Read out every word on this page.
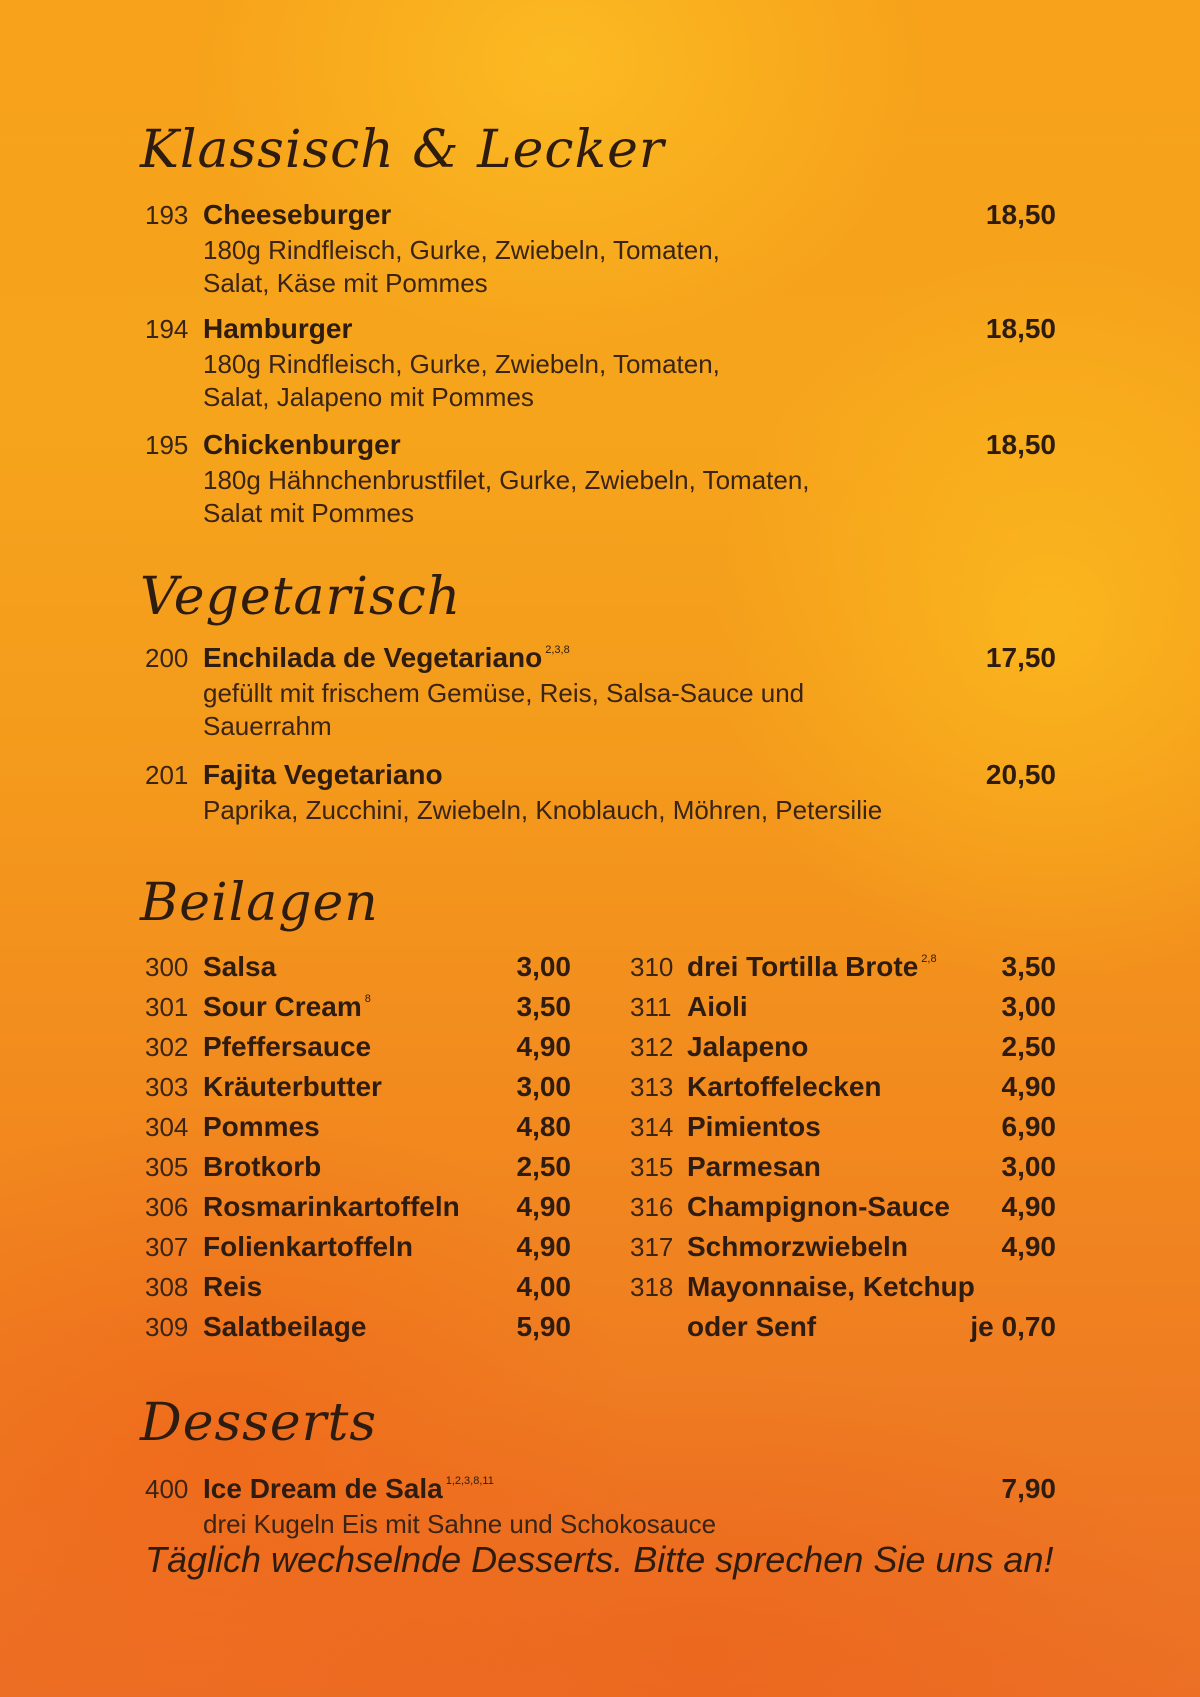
Klassisch & Lecker
193 Cheeseburger	18,50
180g Rindfleisch, Gurke, Zwiebeln, Tomaten,
Salat, Käse mit Pommes
194 Hamburger	18,50
180g Rindfleisch, Gurke, Zwiebeln, Tomaten,
Salat, Jalapeno mit Pommes
195 Chickenburger	18,50
180g Hähnchenbrustfilet, Gurke, Zwiebeln, Tomaten,
Salat mit Pommes
Vegetarisch
200 Enchilada de Vegetariano $^{2,3,8}$	17,50
gefüllt mit frischem Gemüse, Reis, Salsa-Sauce und
Sauerrahm
201 Fajita Vegetariano	20,50
Paprika, Zucchini, Zwiebeln, Knoblauch, Möhren, Petersilie
Beilagen
300 Salsa	3,00
301 Sour Cream $^8$	3,50
302 Pfeffersauce	4,90
303 Kräuterbutter	3,00
304 Pommes	4,80
305 Brotkorb	2,50
306 Rosmarinkartoffeln 4,90
307 Folienkartoffeln	4,90
308 Reis	4,00
309 Salatbeilage	5,90
310 drei Tortilla Brote $^{2,8}$ 3,50
311 Aioli	3,00
312 Jalapeno	2,50
313 Kartoffelecken	4,90
314 Pimientos	6,90
315 Parmesan	3,00
316 Champignon-Sauce 4,90
317 Schmorzwiebeln	4,90
318 Mayonnaise, Ketchup
oder Senf	je 0,70
Desserts
400 Ice Dream de Sala $^{1,2,3,8,11}$	7,90
drei Kugeln Eis mit Sahne und Schokosauce

Täglich wechselnde Desserts. Bitte sprechen Sie uns an!
